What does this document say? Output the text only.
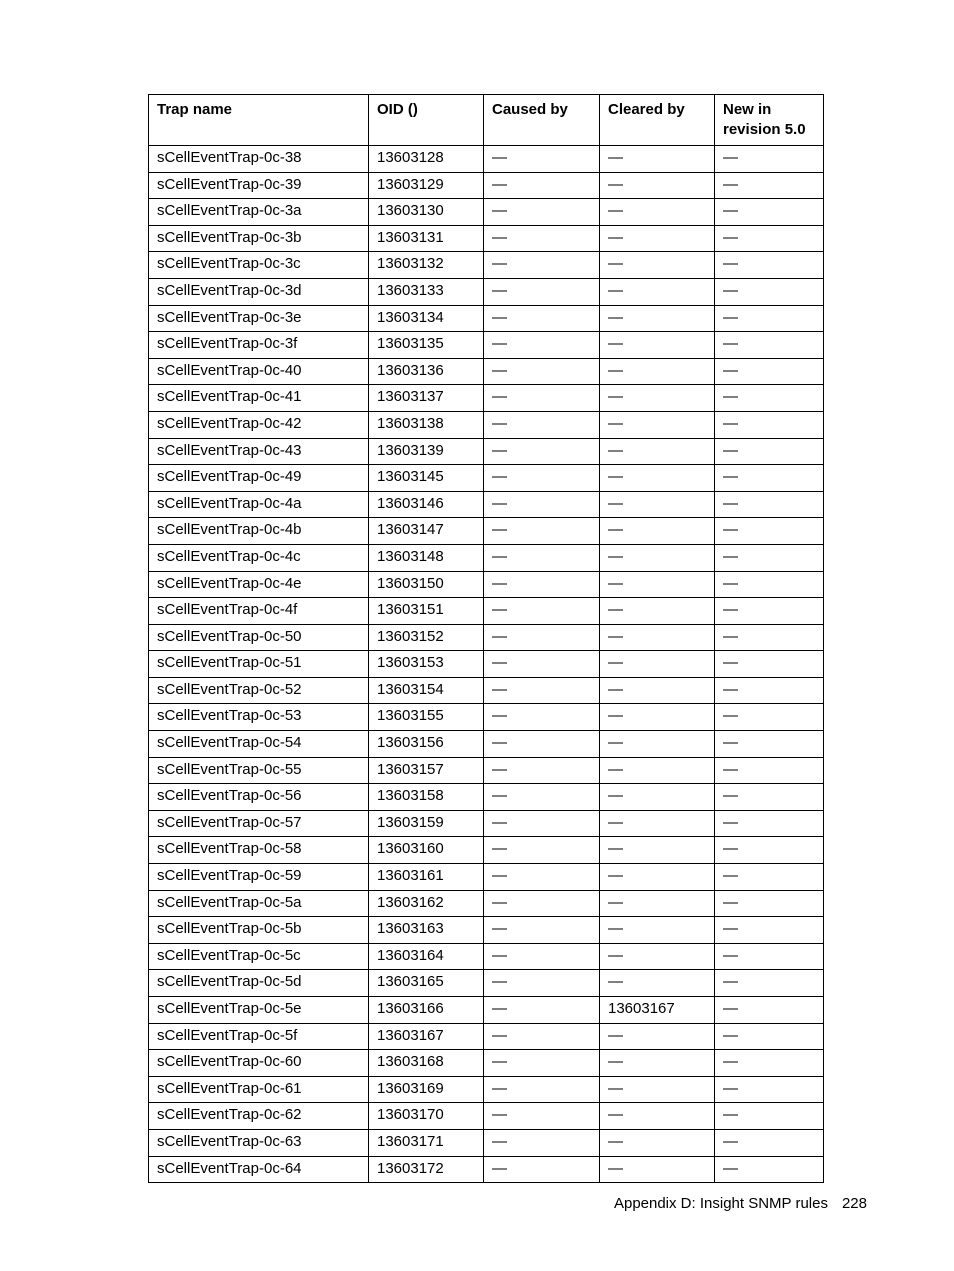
Trap name	OID ()	Caused by	Cleared by	New in revision 5.0
sCellEventTrap-0c-38	13603128	—	—	—
sCellEventTrap-0c-39	13603129	—	—	—
sCellEventTrap-0c-3a	13603130	—	—	—
sCellEventTrap-0c-3b	13603131	—	—	—
sCellEventTrap-0c-3c	13603132	—	—	—
sCellEventTrap-0c-3d	13603133	—	—	—
sCellEventTrap-0c-3e	13603134	—	—	—
sCellEventTrap-0c-3f	13603135	—	—	—
sCellEventTrap-0c-40	13603136	—	—	—
sCellEventTrap-0c-41	13603137	—	—	—
sCellEventTrap-0c-42	13603138	—	—	—
sCellEventTrap-0c-43	13603139	—	—	—
sCellEventTrap-0c-49	13603145	—	—	—
sCellEventTrap-0c-4a	13603146	—	—	—
sCellEventTrap-0c-4b	13603147	—	—	—
sCellEventTrap-0c-4c	13603148	—	—	—
sCellEventTrap-0c-4e	13603150	—	—	—
sCellEventTrap-0c-4f	13603151	—	—	—
sCellEventTrap-0c-50	13603152	—	—	—
sCellEventTrap-0c-51	13603153	—	—	—
sCellEventTrap-0c-52	13603154	—	—	—
sCellEventTrap-0c-53	13603155	—	—	—
sCellEventTrap-0c-54	13603156	—	—	—
sCellEventTrap-0c-55	13603157	—	—	—
sCellEventTrap-0c-56	13603158	—	—	—
sCellEventTrap-0c-57	13603159	—	—	—
sCellEventTrap-0c-58	13603160	—	—	—
sCellEventTrap-0c-59	13603161	—	—	—
sCellEventTrap-0c-5a	13603162	—	—	—
sCellEventTrap-0c-5b	13603163	—	—	—
sCellEventTrap-0c-5c	13603164	—	—	—
sCellEventTrap-0c-5d	13603165	—	—	—
sCellEventTrap-0c-5e	13603166	—	13603167	—
sCellEventTrap-0c-5f	13603167	—	—	—
sCellEventTrap-0c-60	13603168	—	—	—
sCellEventTrap-0c-61	13603169	—	—	—
sCellEventTrap-0c-62	13603170	—	—	—
sCellEventTrap-0c-63	13603171	—	—	—
sCellEventTrap-0c-64	13603172	—	—	—
Appendix D: Insight SNMP rules 228
